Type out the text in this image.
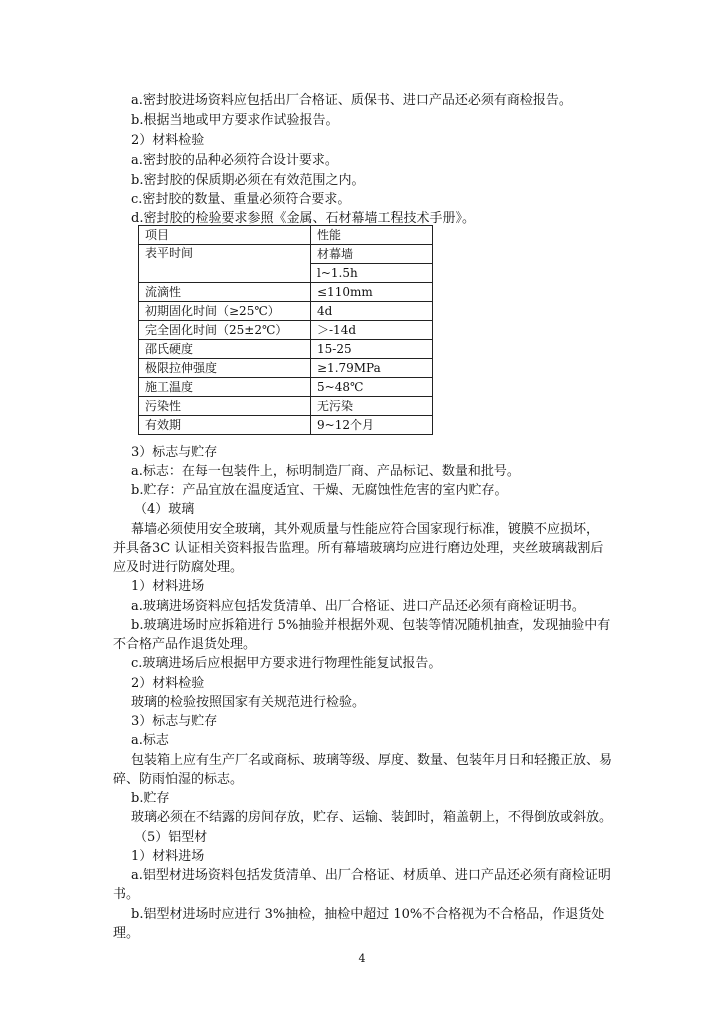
a.密封胶进场资料应包括出厂合格证、质保书、进口产品还必须有商检报告。
b.根据当地或甲方要求作试验报告。
2）材料检验
a.密封胶的品种必须符合设计要求。
b.密封胶的保质期必须在有效范围之内。
c.密封胶的数量、重量必须符合要求。
d.密封胶的检验要求参照《金属、石材幕墙工程技术手册》。
项目	性能
表平时间	材幕墙
	l~1.5h
流滴性	≤110mm
初期固化时间（≥25℃）	4d
完全固化时间（25±2℃）	＞-14d
邵氏硬度	15-25
极限拉伸强度	≥1.79MPa
施工温度	5~48℃
污染性	无污染
有效期	9~12个月
3）标志与贮存
a.标志：在每一包装件上，标明制造厂商、产品标记、数量和批号。
b.贮存：产品宜放在温度适宜、干燥、无腐蚀性危害的室内贮存。
（4）玻璃
幕墙必须使用安全玻璃，其外观质量与性能应符合国家现行标准，镀膜不应损坏，
并具备3C 认证相关资料报告监理。所有幕墙玻璃均应进行磨边处理，夹丝玻璃裁割后
应及时进行防腐处理。
1）材料进场
a.玻璃进场资料应包括发货清单、出厂合格证、进口产品还必须有商检证明书。
b.玻璃进场时应拆箱进行 5%抽验并根据外观、包装等情况随机抽查，发现抽验中有
不合格产品作退货处理。
c.玻璃进场后应根据甲方要求进行物理性能复试报告。
2）材料检验
玻璃的检验按照国家有关规范进行检验。
3）标志与贮存
a.标志
包装箱上应有生产厂名或商标、玻璃等级、厚度、数量、包装年月日和轻搬正放、易
碎、防雨怕湿的标志。
b.贮存
玻璃必须在不结露的房间存放，贮存、运输、装卸时，箱盖朝上，不得倒放或斜放。
（5）铝型材
1）材料进场
a.铝型材进场资料包括发货清单、出厂合格证、材质单、进口产品还必须有商检证明
书。
b.铝型材进场时应进行 3%抽检，抽检中超过 10%不合格视为不合格品，作退货处
理。
4
